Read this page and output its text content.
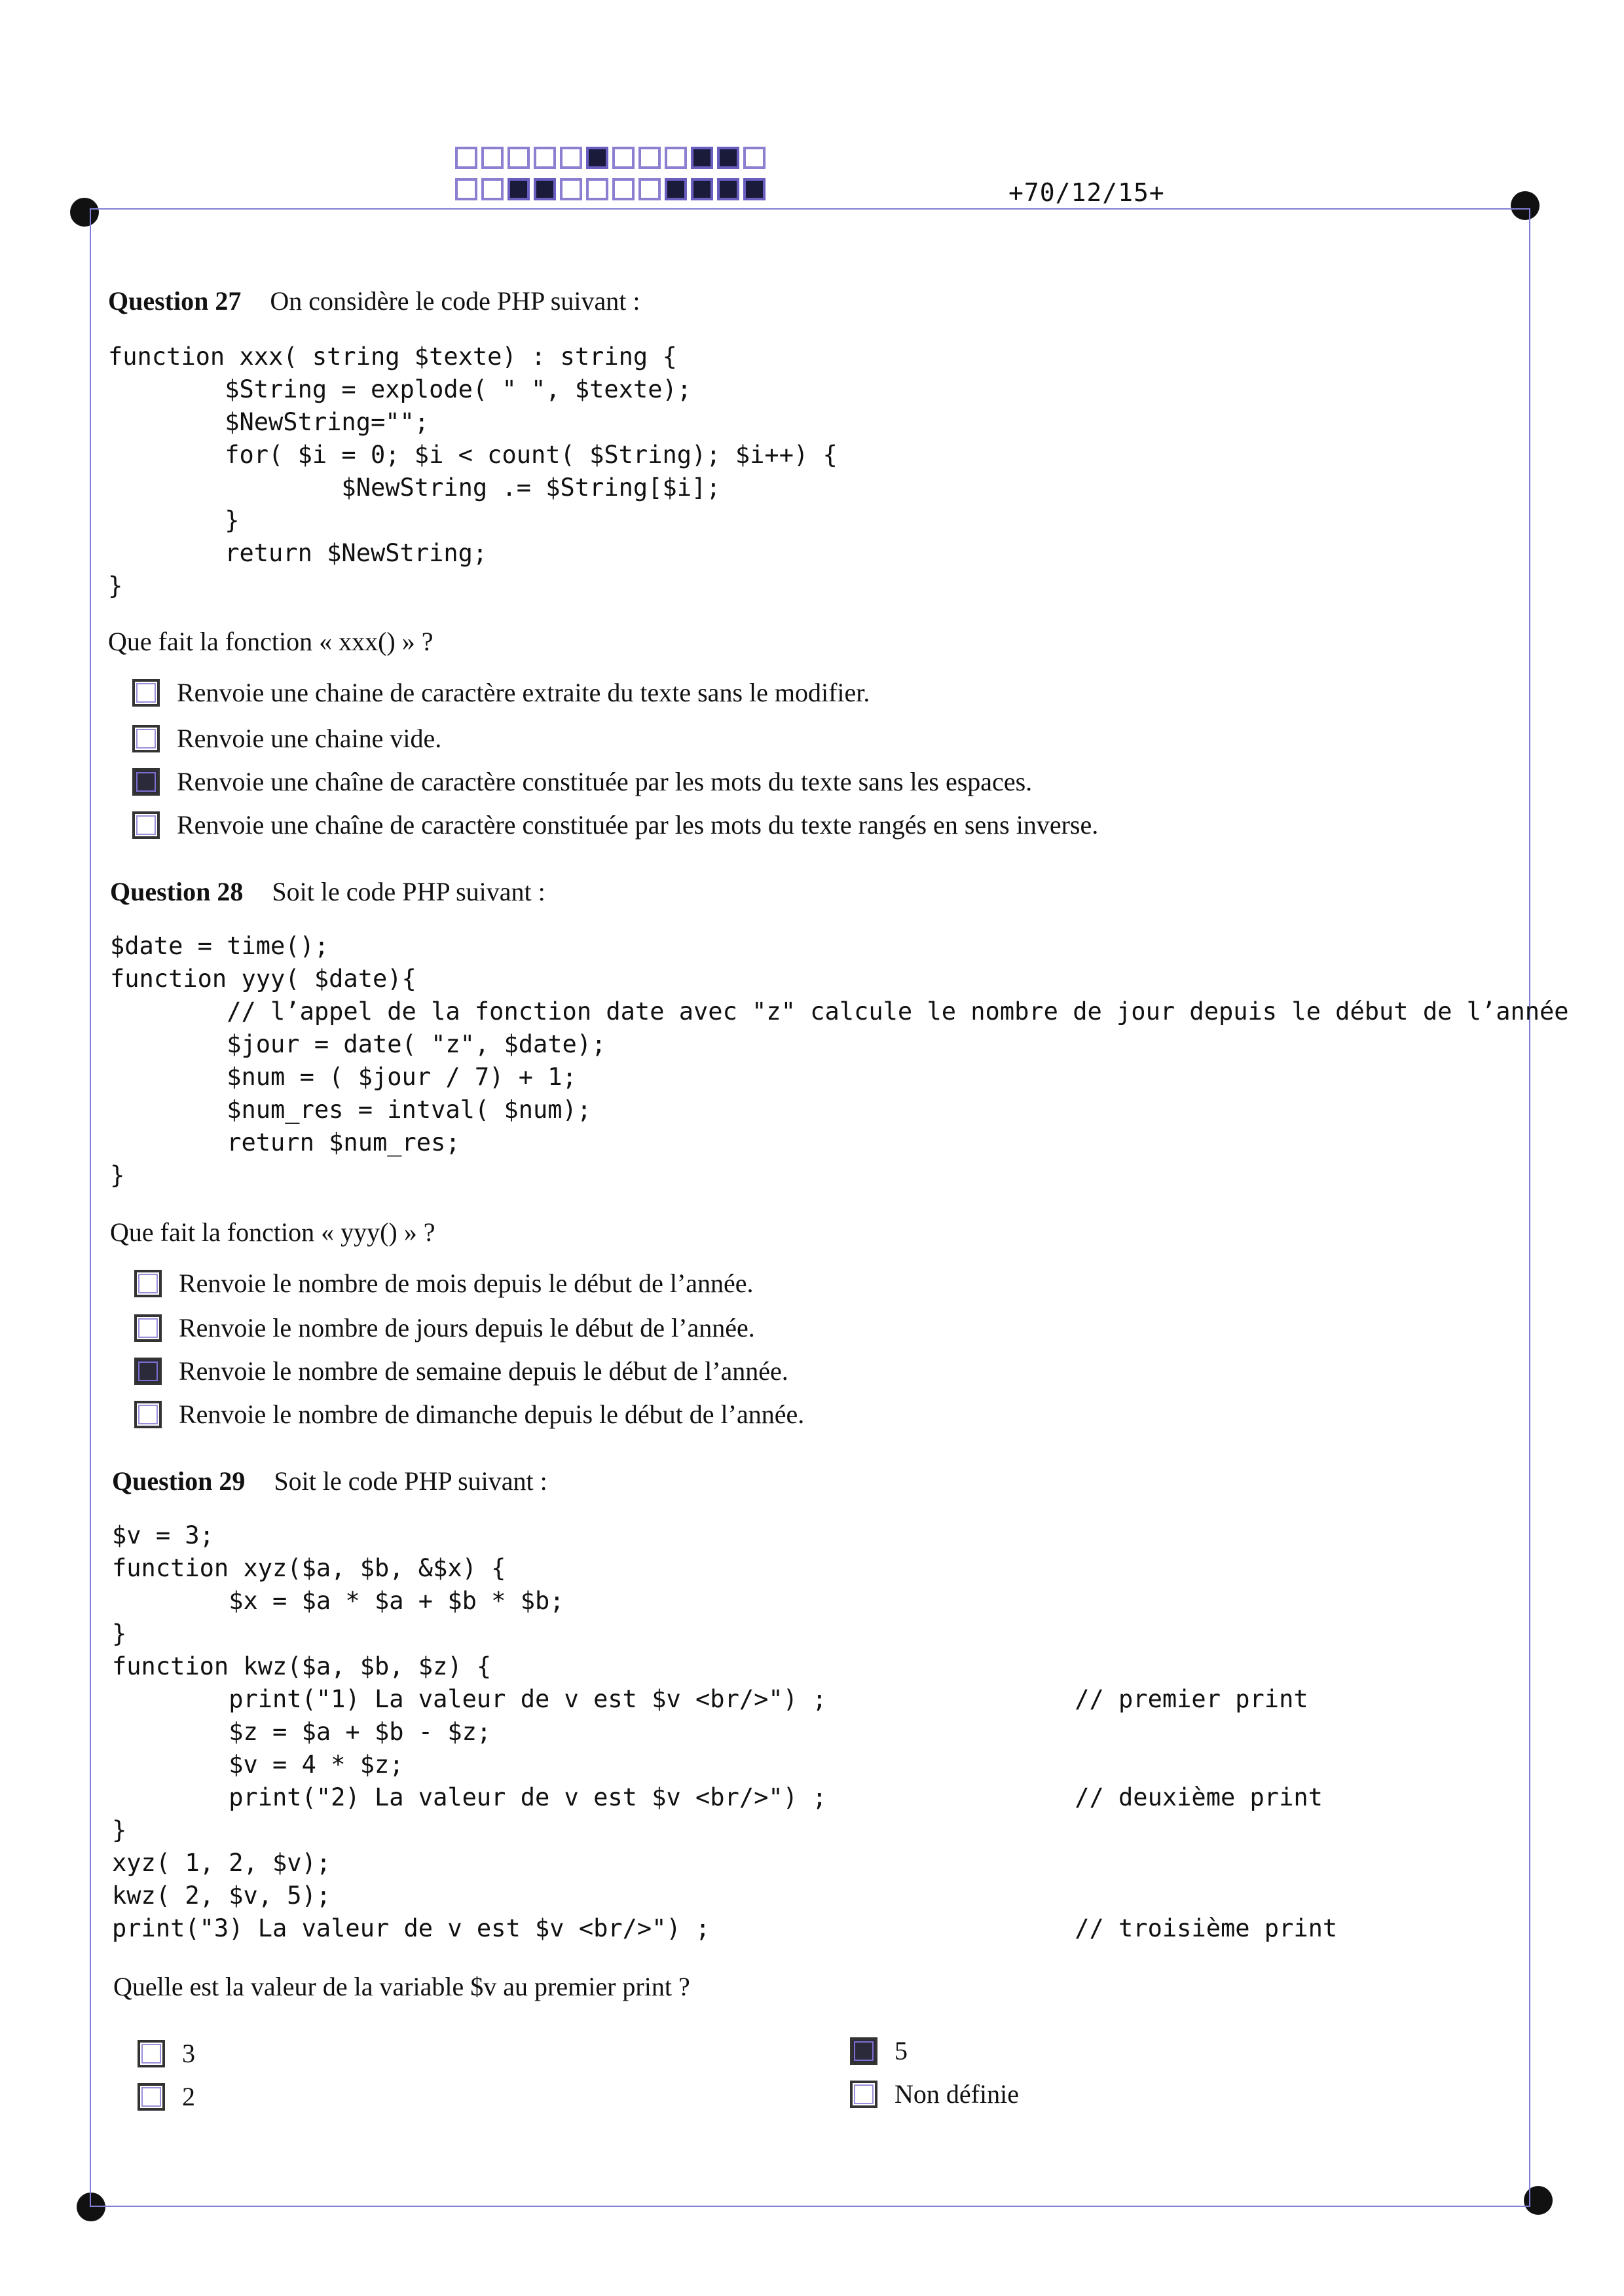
+70/12/15+
Question 27 On considère le code PHP suivant :
function xxx( string $texte) : string {
$String = explode( " ", $texte);
$NewString="";
for( $i = 0; $i < count( $String); $i++) {
$NewString .= $String[$i];
}
return $NewString;
}
Que fait la fonction « xxx() » ?
Renvoie une chaine de caractère extraite du texte sans le modifier.
Renvoie une chaine vide.
Renvoie une chaîne de caractère constituée par les mots du texte sans les espaces.
Renvoie une chaîne de caractère constituée par les mots du texte rangés en sens inverse.
Question 28 Soit le code PHP suivant :
$date = time();
function yyy( $date){
// l’appel de la fonction date avec "z" calcule le nombre de jour depuis le début de l’année
$jour = date( "z", $date);
$num = ( $jour / 7) + 1;
$num_res = intval( $num);
return $num_res;
}
Que fait la fonction « yyy() » ?
Renvoie le nombre de mois depuis le début de l’année.
Renvoie le nombre de jours depuis le début de l’année.
Renvoie le nombre de semaine depuis le début de l’année.
Renvoie le nombre de dimanche depuis le début de l’année.
Question 29 Soit le code PHP suivant :
$v = 3;
function xyz($a, $b, &$x) {
$x = $a * $a + $b * $b;
}
function kwz($a, $b, $z) {
print("1) La valeur de v est $v <br/>") ;                 // premier print
$z = $a + $b - $z;
$v = 4 * $z;
print("2) La valeur de v est $v <br/>") ;                 // deuxième print
}
xyz( 1, 2, $v);
kwz( 2, $v, 5);
print("3) La valeur de v est $v <br/>") ;                         // troisième print
Quelle est la valeur de la variable $v au premier print ?
3
2
5
Non définie
